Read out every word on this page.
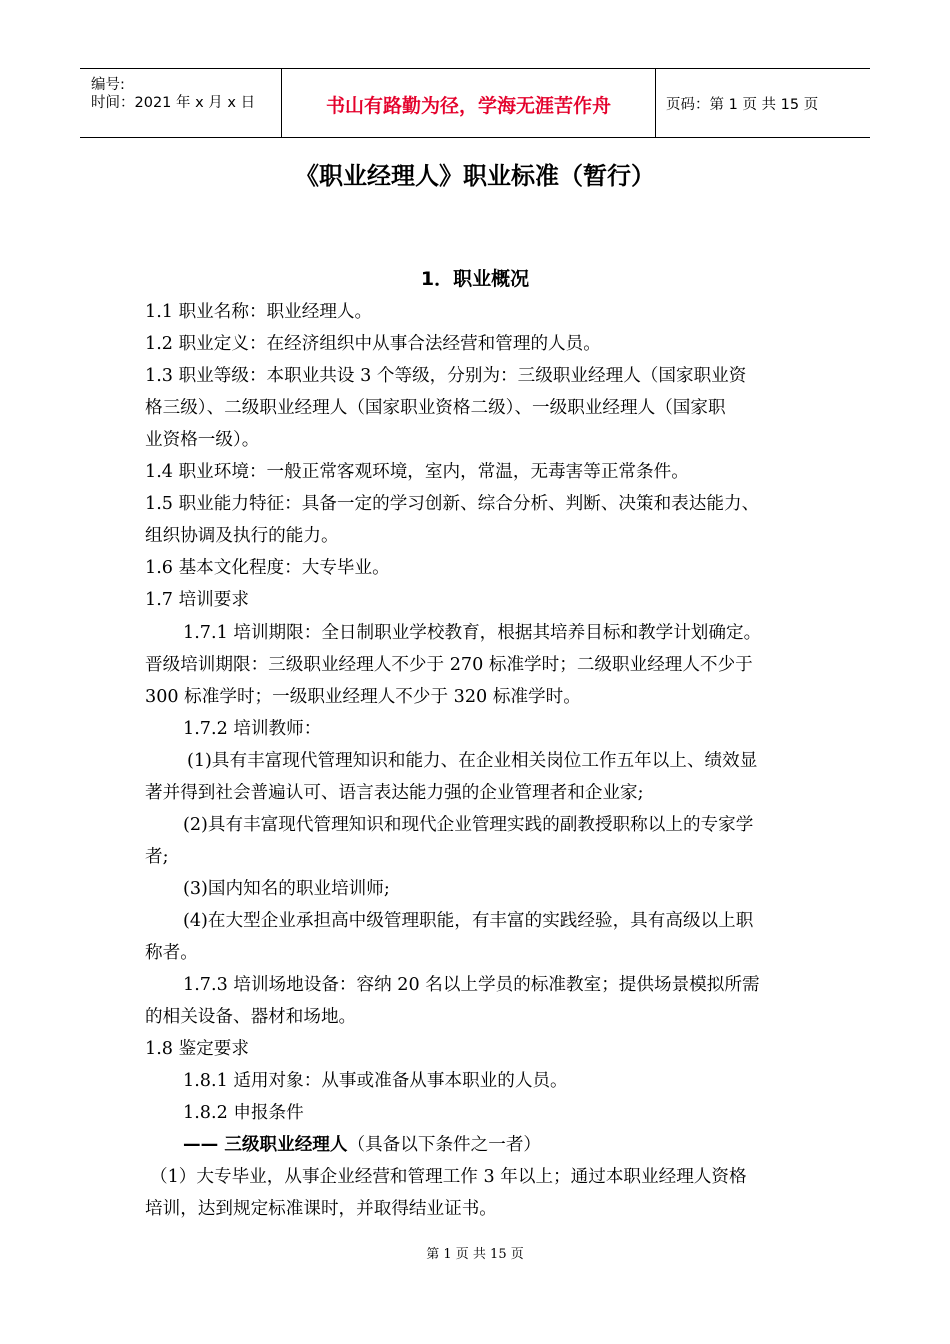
编号:
时间：2021 年 x 月 x 日	书山有路勤为径，学海无涯苦作舟	页码：第 1 页 共 15 页
《职业经理人》职业标准（暂行）
1．职业概况
1.1 职业名称：职业经理人。
1.2 职业定义：在经济组织中从事合法经营和管理的人员。
1.3 职业等级：本职业共设 3 个等级，分别为：三级职业经理人（国家职业资
格三级）、二级职业经理人（国家职业资格二级）、一级职业经理人（国家职
业资格一级）。
1.4 职业环境：一般正常客观环境，室内，常温，无毒害等正常条件。
1.5 职业能力特征：具备一定的学习创新、综合分析、判断、决策和表达能力、
组织协调及执行的能力。
1.6 基本文化程度：大专毕业。
1.7 培训要求
1.7.1 培训期限：全日制职业学校教育，根据其培养目标和教学计划确定。
晋级培训期限：三级职业经理人不少于 270 标准学时；二级职业经理人不少于
300 标准学时；一级职业经理人不少于 320 标准学时。
1.7.2 培训教师：
(1)具有丰富现代管理知识和能力、在企业相关岗位工作五年以上、绩效显
著并得到社会普遍认可、语言表达能力强的企业管理者和企业家;
(2)具有丰富现代管理知识和现代企业管理实践的副教授职称以上的专家学
者;
(3)国内知名的职业培训师;
(4)在大型企业承担高中级管理职能，有丰富的实践经验，具有高级以上职
称者。
1.7.3 培训场地设备：容纳 20 名以上学员的标准教室；提供场景模拟所需
的相关设备、器材和场地。
1.8 鉴定要求
1.8.1 适用对象：从事或准备从事本职业的人员。
1.8.2 申报条件
—— 三级职业经理人（具备以下条件之一者）
（1）大专毕业，从事企业经营和管理工作 3 年以上；通过本职业经理人资格
培训，达到规定标准课时，并取得结业证书。
第 1 页 共 15 页
